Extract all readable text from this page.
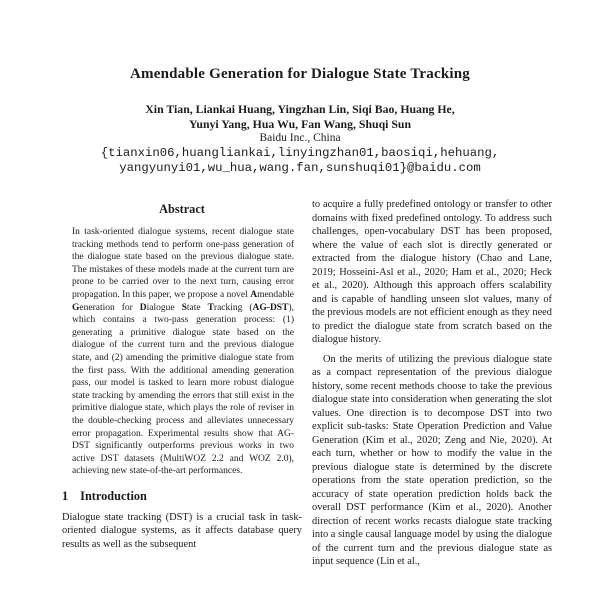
Amendable Generation for Dialogue State Tracking
Xin Tian, Liankai Huang, Yingzhan Lin, Siqi Bao, Huang He,
Yunyi Yang, Hua Wu, Fan Wang, Shuqi Sun
Baidu Inc., China
{tianxin06,huangliankai,linyingzhan01,baosiqi,hehuang,
yangyunyi01,wu_hua,wang.fan,sunshuqi01}@baidu.com
Abstract

In task-oriented dialogue systems, recent dialogue state tracking methods tend to perform one-pass generation of the dialogue state based on the previous dialogue state. The mistakes of these models made at the current turn are prone to be carried over to the next turn, causing error propagation. In this paper, we propose a novel Amendable Generation for Dialogue State Tracking (AG-DST), which contains a two-pass generation process: (1) generating a primitive dialogue state based on the dialogue of the current turn and the previous dialogue state, and (2) amending the primitive dialogue state from the first pass. With the additional amending generation pass, our model is tasked to learn more robust dialogue state tracking by amending the errors that still exist in the primitive dialogue state, which plays the role of reviser in the double-checking process and alleviates unnecessary error propagation. Experimental results show that AG-DST significantly outperforms previous works in two active DST datasets (MultiWOZ 2.2 and WOZ 2.0), achieving new state-of-the-art performances.

1 Introduction

Dialogue state tracking (DST) is a crucial task in task-oriented dialogue systems, as it affects database query results as well as the subsequent

to acquire a fully predefined ontology or transfer to other domains with fixed predefined ontology. To address such challenges, open-vocabulary DST has been proposed, where the value of each slot is directly generated or extracted from the dialogue history (Chao and Lane, 2019; Hosseini-Asl et al., 2020; Ham et al., 2020; Heck et al., 2020). Although this approach offers scalability and is capable of handling unseen slot values, many of the previous models are not efficient enough as they need to predict the dialogue state from scratch based on the dialogue history.

On the merits of utilizing the previous dialogue state as a compact representation of the previous dialogue history, some recent methods choose to take the previous dialogue state into consideration when generating the slot values. One direction is to decompose DST into two explicit sub-tasks: State Operation Prediction and Value Generation (Kim et al., 2020; Zeng and Nie, 2020). At each turn, whether or how to modify the value in the previous dialogue state is determined by the discrete operations from the state operation prediction, so the accuracy of state operation prediction holds back the overall DST performance (Kim et al., 2020). Another direction of recent works recasts dialogue state tracking into a single causal language model by using the dialogue of the current turn and the previous dialogue state as input sequence (Lin et al.,
